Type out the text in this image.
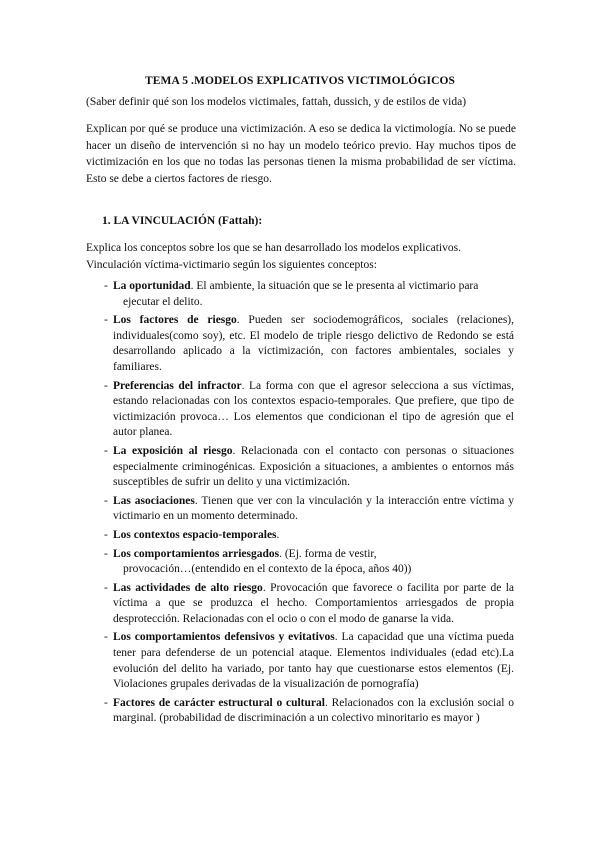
TEMA 5 .MODELOS EXPLICATIVOS VICTIMOLÓGICOS
(Saber definir qué son los modelos victimales, fattah, dussich, y de estilos de vida)
Explican por qué se produce una victimización. A eso se dedica la victimología. No se puede hacer un diseño de intervención si no hay un modelo teórico previo. Hay muchos tipos de victimización en los que no todas las personas tienen la misma probabilidad de ser víctima. Esto se debe a ciertos factores de riesgo.
1. LA VINCULACIÓN (Fattah):
Explica los conceptos sobre los que se han desarrollado los modelos explicativos.
Vinculación víctima-victimario según los siguientes conceptos:
- La oportunidad. El ambiente, la situación que se le presenta al victimario para
ejecutar el delito.
- Los factores de riesgo. Pueden ser sociodemográficos, sociales (relaciones), individuales(como soy), etc. El modelo de triple riesgo delictivo de Redondo se está desarrollando aplicado a la victimización, con factores ambientales, sociales y familiares.
- Preferencias del infractor. La forma con que el agresor selecciona a sus víctimas, estando relacionadas con los contextos espacio-temporales. Que prefiere, que tipo de victimización provoca… Los elementos que condicionan el tipo de agresión que el autor planea.
- La exposición al riesgo. Relacionada con el contacto con personas o situaciones especialmente criminogénicas. Exposición a situaciones, a ambientes o entornos más susceptibles de sufrir un delito y una victimización.
- Las asociaciones. Tienen que ver con la vinculación y la interacción entre víctima y victimario en un momento determinado.
- Los contextos espacio-temporales.
- Los comportamientos arriesgados. (Ej. forma de vestir,
provocación…(entendido en el contexto de la época, años 40))
- Las actividades de alto riesgo. Provocación que favorece o facilita por parte de la víctima a que se produzca el hecho. Comportamientos arriesgados de propia desprotección. Relacionadas con el ocio o con el modo de ganarse la vida.
- Los comportamientos defensivos y evitativos. La capacidad que una víctima pueda tener para defenderse de un potencial ataque. Elementos individuales (edad etc).La evolución del delito ha variado, por tanto hay que cuestionarse estos elementos (Ej. Violaciones grupales derivadas de la visualización de pornografía)
- Factores de carácter estructural o cultural. Relacionados con la exclusión social o marginal. (probabilidad de discriminación a un colectivo minoritario es mayor )
